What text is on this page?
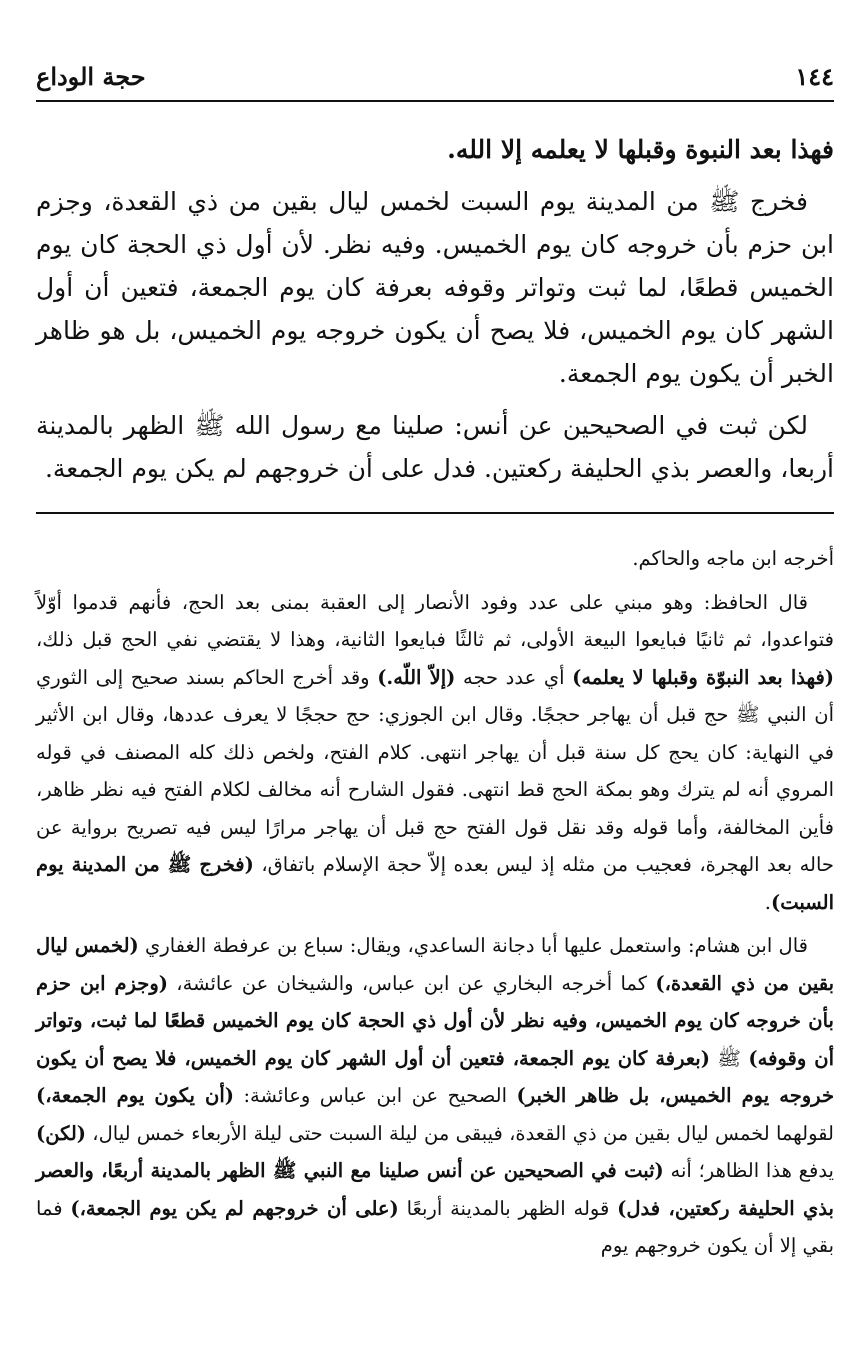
١٤٤
حجة الوداع

فهذا بعد النبوة وقبلها لا يعلمه إلا الله.

فخرج ﷺ من المدينة يوم السبت لخمس ليال بقين من ذي القعدة، وجزم ابن حزم بأن خروجه كان يوم الخميس. وفيه نظر. لأن أول ذي الحجة كان يوم الخميس قطعًا، لما ثبت وتواتر وقوفه بعرفة كان يوم الجمعة، فتعين أن أول الشهر كان يوم الخميس، فلا يصح أن يكون خروجه يوم الخميس، بل هو ظاهر الخبر أن يكون يوم الجمعة.

لكن ثبت في الصحيحين عن أنس: صلينا مع رسول الله ﷺ الظهر بالمدينة أربعا، والعصر بذي الحليفة ركعتين. فدل على أن خروجهم لم يكن يوم الجمعة.

أخرجه ابن ماجه والحاكم.

قال الحافظ: وهو مبني على عدد وفود الأنصار إلى العقبة بمنى بعد الحج، فأنهم قدموا أوّلاً فتواعدوا، ثم ثانيًا فبايعوا البيعة الأولى، ثم ثالثًا فبايعوا الثانية، وهذا لا يقتضي نفي الحج قبل ذلك، (فهذا بعد النبوّة وقبلها لا يعلمه) أي عدد حجه (إلاّ اللّه.) وقد أخرج الحاكم بسند صحيح إلى الثوري أن النبي ﷺ حج قبل أن يهاجر حججًا. وقال ابن الجوزي: حج حججًا لا يعرف عددها، وقال ابن الأثير في النهاية: كان يحج كل سنة قبل أن يهاجر انتهى. كلام الفتح، ولخص ذلك كله المصنف في قوله المروي أنه لم يترك وهو بمكة الحج قط انتهى. فقول الشارح أنه مخالف لكلام الفتح فيه نظر ظاهر، فأين المخالفة، وأما قوله وقد نقل قول الفتح حج قبل أن يهاجر مرارًا ليس فيه تصريح برواية عن حاله بعد الهجرة، فعجيب من مثله إذ ليس بعده إلاّ حجة الإسلام باتفاق، (فخرج ﷺ من المدينة يوم السبت).

قال ابن هشام: واستعمل عليها أبا دجانة الساعدي، ويقال: سباع بن عرفطة الغفاري (لخمس ليال بقين من ذي القعدة،) كما أخرجه البخاري عن ابن عباس، والشيخان عن عائشة، (وجزم ابن حزم بأن خروجه كان يوم الخميس، وفيه نظر لأن أول ذي الحجة كان يوم الخميس قطعًا لما ثبت، وتواتر أن وقوفه) ﷺ (بعرفة كان يوم الجمعة، فتعين أن أول الشهر كان يوم الخميس، فلا يصح أن يكون خروجه يوم الخميس، بل ظاهر الخبر) الصحيح عن ابن عباس وعائشة: (أن يكون يوم الجمعة،) لقولهما لخمس ليال بقين من ذي القعدة، فيبقى من ليلة السبت حتى ليلة الأربعاء خمس ليال، (لكن) يدفع هذا الظاهر؛ أنه (ثبت في الصحيحين عن أنس صلينا مع النبي ﷺ الظهر بالمدينة أربعًا، والعصر بذي الحليفة ركعتين، فدل) قوله الظهر بالمدينة أربعًا (على أن خروجهم لم يكن يوم الجمعة،) فما بقي إلا أن يكون خروجهم يوم
